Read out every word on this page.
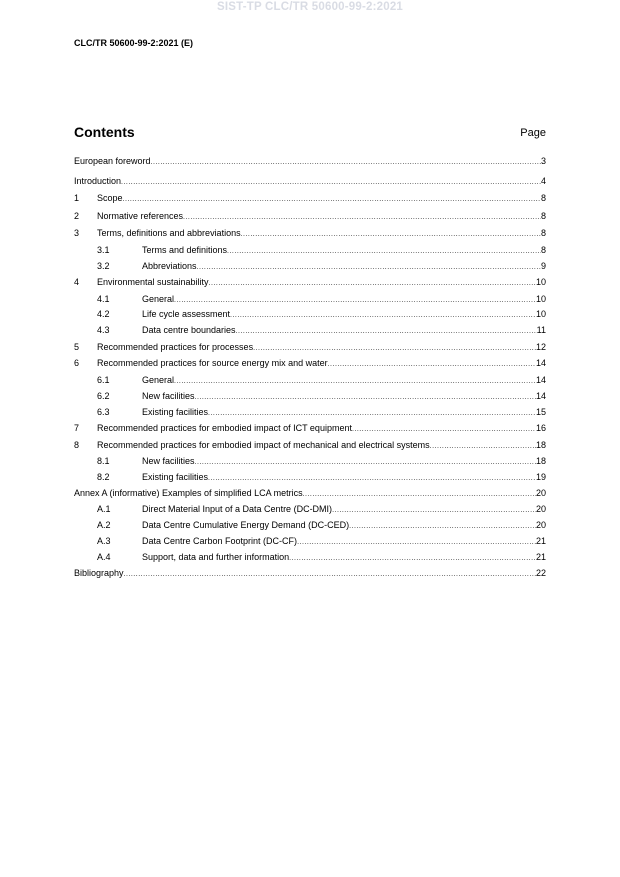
SIST-TP CLC/TR 50600-99-2:2021
CLC/TR 50600-99-2:2021 (E)
Contents	Page
European foreword .....	3
Introduction .....	4
1	Scope .....	8
2	Normative references .....	8
3	Terms, definitions and abbreviations .....	8
3.1	Terms and definitions .....	8
3.2	Abbreviations .....	9
4	Environmental sustainability .....	10
4.1	General .....	10
4.2	Life cycle assessment .....	10
4.3	Data centre boundaries .....	11
5	Recommended practices for processes .....	12
6	Recommended practices for source energy mix and water .....	14
6.1	General .....	14
6.2	New facilities .....	14
6.3	Existing facilities .....	15
7	Recommended practices for embodied impact of ICT equipment .....	16
8	Recommended practices for embodied impact of mechanical and electrical systems .....	18
8.1	New facilities .....	18
8.2	Existing facilities .....	19
Annex A (informative) Examples of simplified LCA metrics .....	20
A.1	Direct Material Input of a Data Centre (DC-DMI) .....	20
A.2	Data Centre Cumulative Energy Demand (DC-CED) .....	20
A.3	Data Centre Carbon Footprint (DC-CF) .....	21
A.4	Support, data and further information .....	21
Bibliography .....	22
